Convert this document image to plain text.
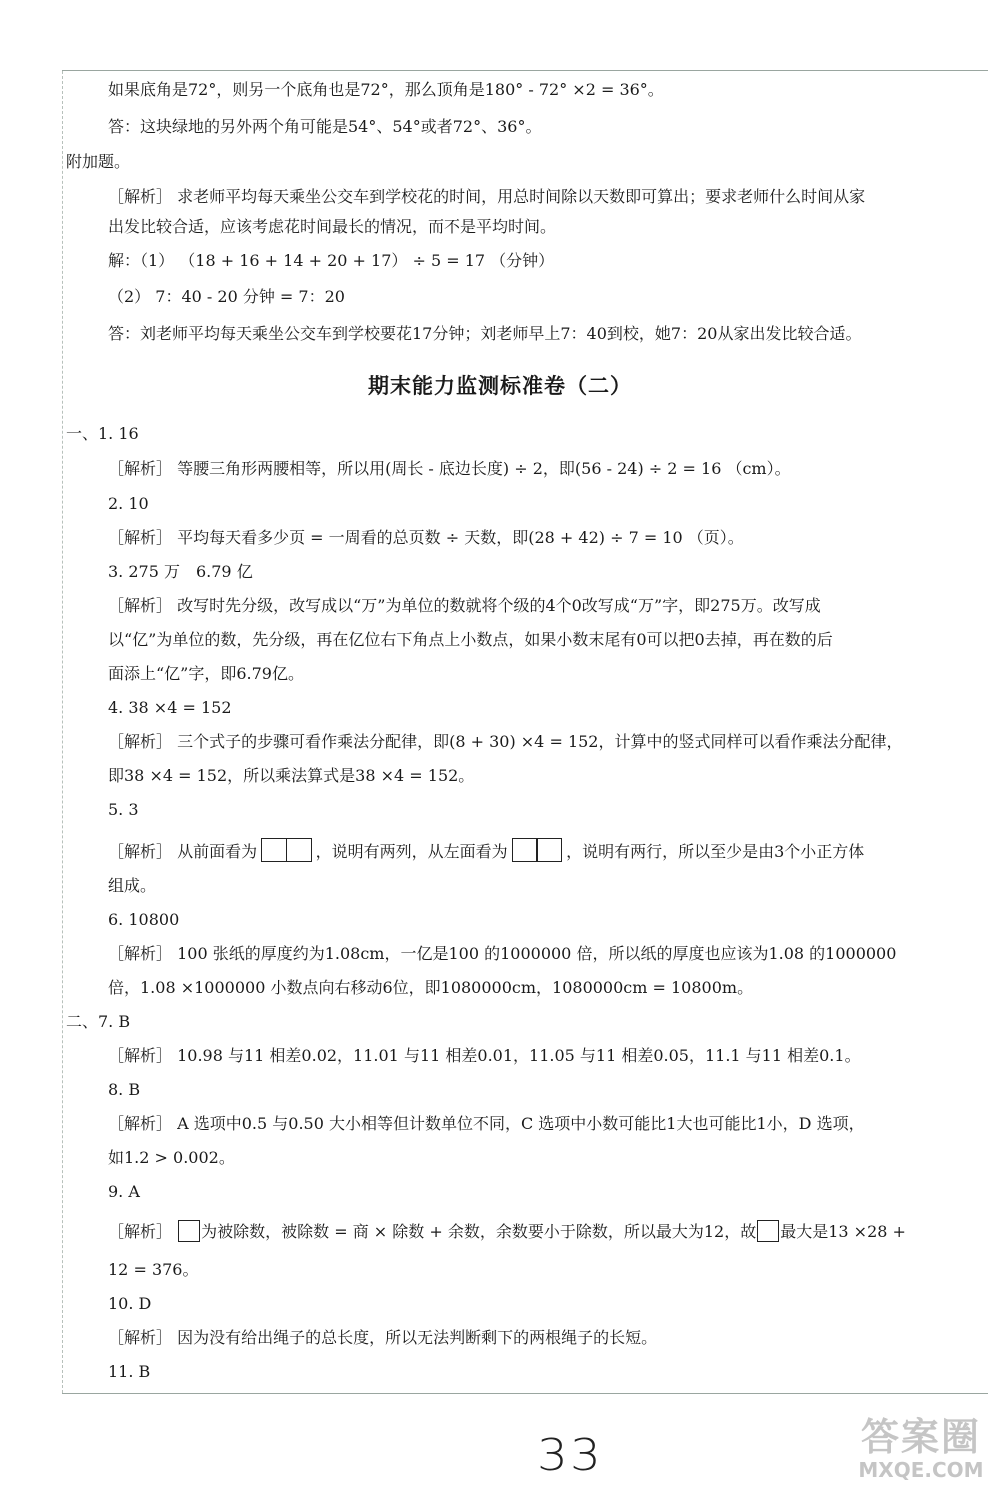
如果底角是72°，则另一个底角也是72°，那么顶角是180° - 72° ×2 = 36°。
答：这块绿地的另外两个角可能是54°、54°或者72°、36°。
附加题。
［解析］ 求老师平均每天乘坐公交车到学校花的时间，用总时间除以天数即可算出；要求老师什么时间从家
出发比较合适，应该考虑花时间最长的情况，而不是平均时间。
解：（1） （18 + 16 + 14 + 20 + 17） ÷ 5 = 17 （分钟）
（2） 7：40 - 20 分钟 = 7：20
答：刘老师平均每天乘坐公交车到学校要花17分钟；刘老师早上7：40到校，她7：20从家出发比较合适。
期末能力监测标准卷（二）
一、1. 16
［解析］ 等腰三角形两腰相等，所以用(周长 - 底边长度) ÷ 2，即(56 - 24) ÷ 2 = 16 （cm）。
2. 10
［解析］ 平均每天看多少页 = 一周看的总页数 ÷ 天数，即(28 + 42) ÷ 7 = 10 （页）。
3. 275 万　6.79 亿
［解析］ 改写时先分级，改写成以“万”为单位的数就将个级的4个0改写成“万”字，即275万。改写成
以“亿”为单位的数，先分级，再在亿位右下角点上小数点，如果小数末尾有0可以把0去掉，再在数的后
面添上“亿”字，即6.79亿。
4. 38 ×4 = 152
［解析］ 三个式子的步骤可看作乘法分配律，即(8 + 30) ×4 = 152，计算中的竖式同样可以看作乘法分配律，
即38 ×4 = 152，所以乘法算式是38 ×4 = 152。
5. 3
［解析］ 从前面看为	，说明有两列，从左面看为	，说明有两行，所以至少是由3个小正方体
组成。
6. 10800
［解析］ 100 张纸的厚度约为1.08cm，一亿是100 的1000000 倍，所以纸的厚度也应该为1.08 的1000000
倍，1.08 ×1000000 小数点向右移动6位，即1080000cm，1080000cm = 10800m。
二、7. B
［解析］ 10.98 与11 相差0.02，11.01 与11 相差0.01，11.05 与11 相差0.05，11.1 与11 相差0.1。
8. B
［解析］ A 选项中0.5 与0.50 大小相等但计数单位不同，C 选项中小数可能比1大也可能比1小，D 选项，
如1.2 > 0.002。
9. A
［解析］ 为被除数，被除数 = 商 × 除数 + 余数，余数要小于除数，所以最大为12，故 最大是13 ×28 +
12 = 376。
10. D
［解析］ 因为没有给出绳子的总长度，所以无法判断剩下的两根绳子的长短。
11. B
33	答案圈
MXQE.COM
